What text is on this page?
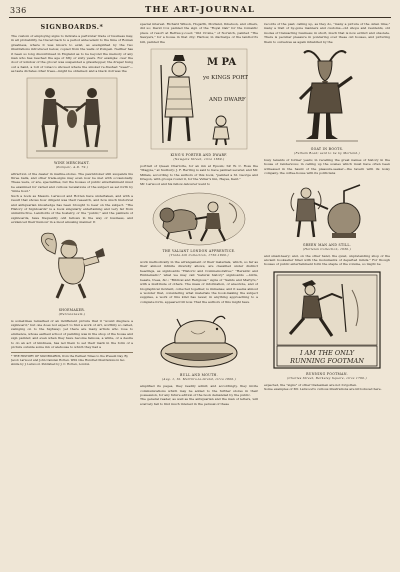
336	THE ART-JOURNAL
SIGNBOARDS.*

The custom of employing signs to indicate a particular trade or business may, in all probability, be traced back to a period antecedent to the time of Roman greatness, where it was known to exist, as exemplified by the two illustrations introduced below, copied from the walls of Pompeii. Neither has it been so long discontinued in England as to be beyond the memory of any man who has reached the age of fifty or sixty years. For example: over the door of window of the grocer was suspended a grasshopper, the draper hung out a hand, a roll of tobacco showed where the smoker re-freshed "weed"—as taste dictates other trees—might be obtained; and a black doll was the

WINE MERCHANT.
(Pompeii, A.D. 79.)

attraction of the dealer in marine-stores. The pawnbroker still suspends his three balls, and other trade-signs may even now be met with occasionally. These were, or are, specialities, but the houses of public entertainment must be examined for varied and curious revelations of the subject as set forth by "mine host."

Such a book as Messrs. Larwood and Hotten have undertaken, and with a result that shows how diligent was their research, and how much historical and antiquarian knowledge has been brought to bear on the subject. "The History of Signboards" is a book singularly entertaining and very far from uninstructive. Landlords of the hostelry, or the "public," and the painters of signboards, have frequently odd fellows in the way of business, and evidenced their humour in a most amusing manner. It

SHOEMAKER.
(Herculaneum.)

is sometimes remarked of an indifferent picture that it "would disgrace a signboard," but one does not expect to find a work of Art, worthily so called, swinging on to the highway; yet there are many artists who rose to eminence, whose earliest school of painting was in the shop of the house and sign painter; and even when they have become famous, a white, or a desire to do an act of kindness, has led them to set their mark in the form of a picture outside some inn or alehouse to which they had a

* THE HISTORY OF SIGNBOARDS, from the Earliest Times to the Present Day. By Jacob Larwood and John Camden Hotten. With One Hundred Illustrations in fac-simile by J. Larwood. Published by J. C. Hotten, London.

special interest. Richard Wilson, Hogarth, Morland, Ibbetson, and others, did so; David Cox painted the sign of the "Royal Oak" for the romantic place of resort at Bettws-y-coed; "Old Crome," of Norwich, painted "The Sawyers," for a house in that city; Harlow, in discharge of the landlord's bill, painted the

M PA
ye KINGS PORT
AND DWARF
KING'S PORTER AND DWARF.
(Newgate Street, circa 1660.)

portrait of Queen Charlotte, for an inn at Epsom; Sir W. C. Ross the "Magpie," at Sudbury; J. F. Herring is said to have painted several; and Mr. Millais, according to the authors of this book, "painted a St. George and Dragon, with groups round it, for the Vidler's Inn, Hayes, Kent."

Mr. Larwood and his fellow-labourer went to

THE VALIANT LONDON APPRENTICE.
(Trade-bill Collection, 1750-1800.)

work methodically in the arrangement of their materials, which, so far as their almost infinite diversity allows, are classified under distinct headings, as signboards "Historic and Commemorative;" "Heraldic and Emblematic;" what we may call "natural history" signboards —birds, beasts, trees, &c.; "Biblical and Religious;" signs of "Saints and Martyrs," with a multitude of others. The mass of information, of anecdote, and of biographical incident, collected together, is immense; and it seems almost a wonder that, considering what materials the book-making the subject supplies, a work of this kind has never, in anything approaching to a complete form, appeared till now. That the authors of this might have

BULL AND MOUTH.
(Aug. 1, St. Martin's-le-Grand, circa 1800.)

amplified its pages, they readily admit; and accordingly, they invite communications which may be added to the further stores in their possession, for any future edition of the book demanded by the public.

The general reader, as well as the antiquarian and the man of letters, will scarcely fail to find much interest in the perusal of these

records of the past; calling up, as they do, "many a picture of the olden time," many a trait of by-gone manners and customs—old shops and residents, old modes of transacting business; in short, much that is now extinct and obsolete. There is peculiar pleasure in pondering over these old houses, and picturing them to ourselves as again inhabited by the

GOAT IN BOOTS.
(Fulham Road; said to be by Morland.)

busy tenants of former years; in recalling the great names of history in the house of rendezvous; in calling up the scenes which must have often been witnessed in the haunt of the pleasure-seeker—the tavern with its noisy company, the coffee-house with its politicians

GREEN MAN AND STILL.
(Harleian Collection, 1630.)

and small-beery; and, on the other hand, the quiet, unpretending shop of the ancient bookseller filled with the monuments of departed minds." For though houses of public entertainment form the staple of the volume, so might be

I AM THE ONLY
RUNNING FOOTMAN
RUNNING FOOTMAN.
(Charles Street, Berkeley Square, circa 1760.)

expected, the "signs" of other tradesmen are not forgotten.

Some examples of Mr. Larwood's curious illustrations are introduced here.
